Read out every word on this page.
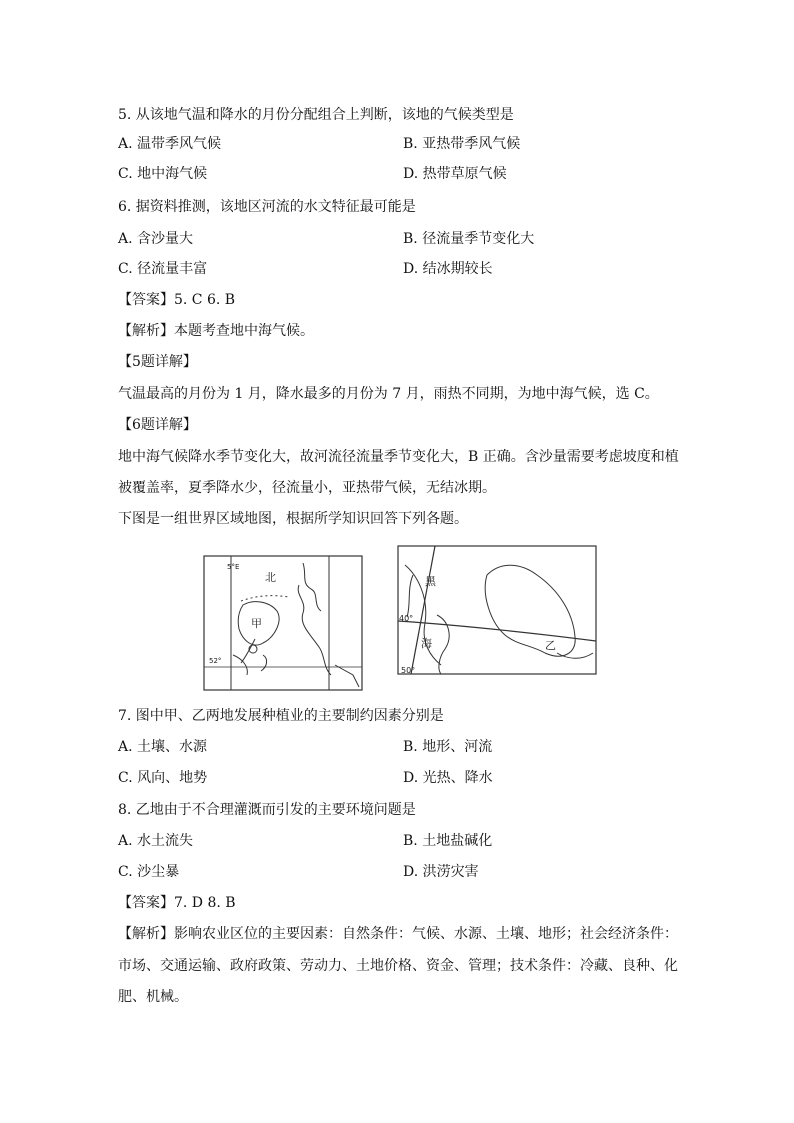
5. 从该地气温和降水的月份分配组合上判断，该地的气候类型是
A. 温带季风气候	B. 亚热带季风气候
C. 地中海气候	D. 热带草原气候
6. 据资料推测，该地区河流的水文特征最可能是
A. 含沙量大	B. 径流量季节变化大
C. 径流量丰富	D. 结冰期较长
【答案】5. C 6. B
【解析】本题考查地中海气候。
【5题详解】
气温最高的月份为 1 月，降水最多的月份为 7 月，雨热不同期，为地中海气候，选 C。
【6题详解】
地中海气候降水季节变化大，故河流径流量季节变化大，B 正确。含沙量需要考虑坡度和植
被覆盖率，夏季降水少，径流量小，亚热带气候，无结冰期。
下图是一组世界区域地图，根据所学知识回答下列各题。
北
甲
5°E
52°
黑
海	乙
40°
50°
7. 图中甲、乙两地发展种植业的主要制约因素分别是
A. 土壤、水源	B. 地形、河流
C. 风向、地势	D. 光热、降水
8. 乙地由于不合理灌溉而引发的主要环境问题是
A. 水土流失	B. 土地盐碱化
C. 沙尘暴	D. 洪涝灾害
【答案】7. D 8. B
【解析】影响农业区位的主要因素：自然条件：气候、水源、土壤、地形；社会经济条件：
市场、交通运输、政府政策、劳动力、土地价格、资金、管理；技术条件：冷藏、良种、化
肥、机械。
